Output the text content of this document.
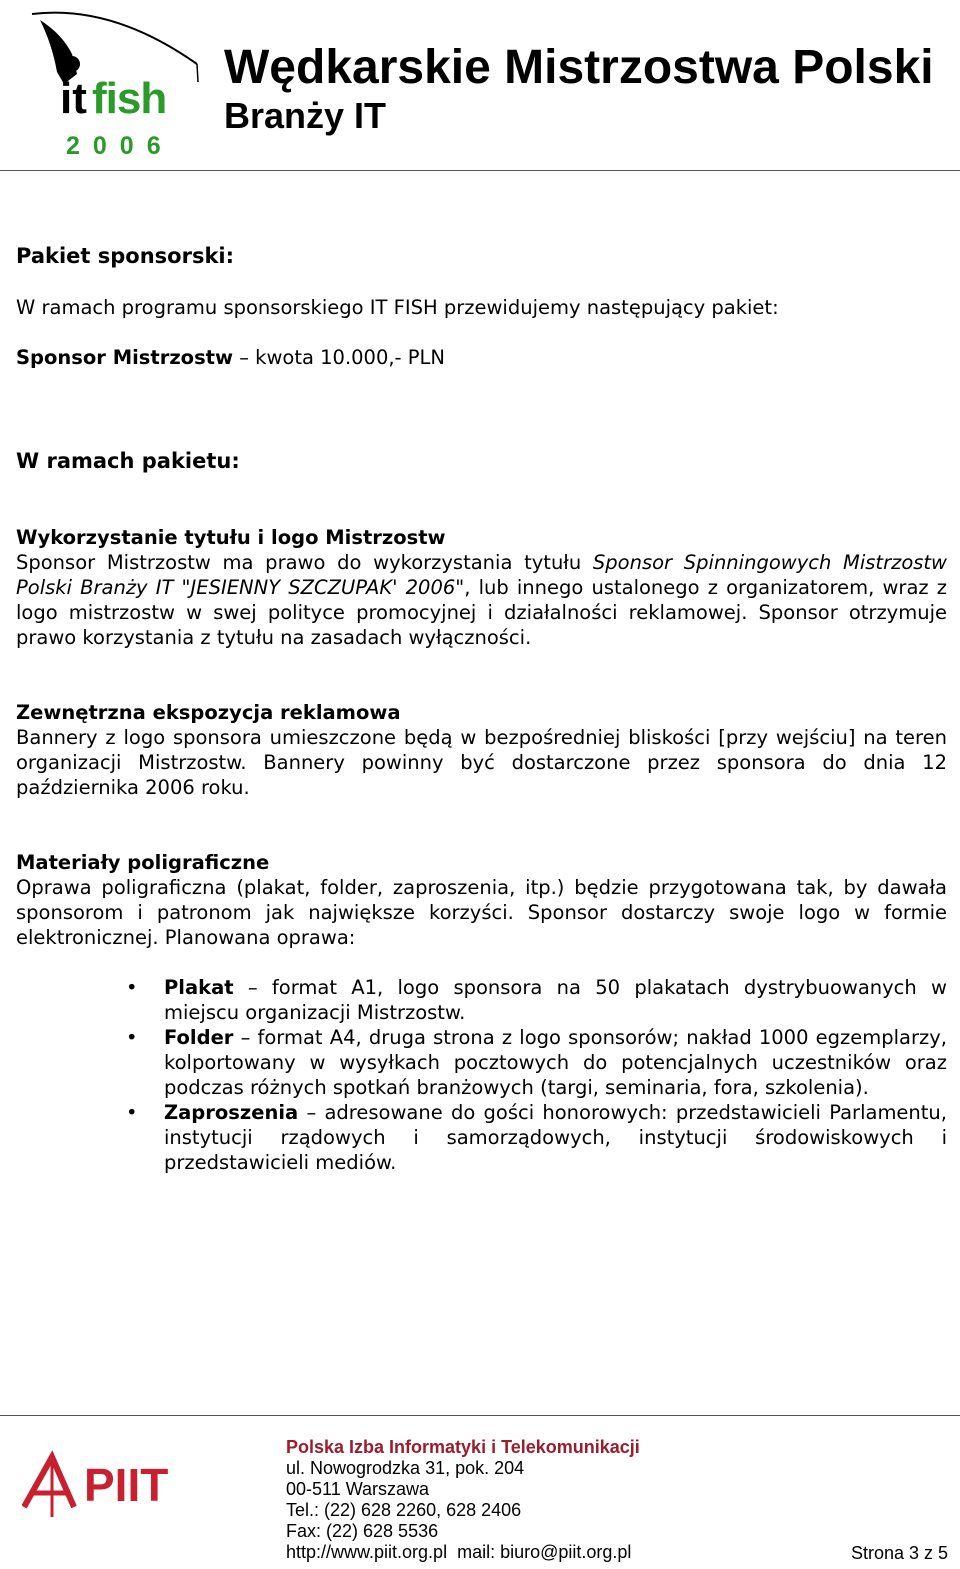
it fish
2006
Wędkarskie Mistrzostwa Polski
Branży IT

Pakiet sponsorski:

W ramach programu sponsorskiego IT FISH przewidujemy następujący pakiet:

Sponsor Mistrzostw – kwota 10.000,- PLN

W ramach pakietu:

Wykorzystanie tytułu i logo Mistrzostw

Sponsor Mistrzostw ma prawo do wykorzystania tytułu Sponsor Spinningowych Mistrzostw Polski Branży IT "JESIENNY SZCZUPAK' 2006", lub innego ustalonego z organizatorem, wraz z logo mistrzostw w swej polityce promocyjnej i działalności reklamowej. Sponsor otrzymuje prawo korzystania z tytułu na zasadach wyłączności.

Zewnętrzna ekspozycja reklamowa

Bannery z logo sponsora umieszczone będą w bezpośredniej bliskości [przy wejściu] na teren organizacji Mistrzostw. Bannery powinny być dostarczone przez sponsora do dnia 12 października 2006 roku.

Materiały poligraficzne

Oprawa poligraficzna (plakat, folder, zaproszenia, itp.) będzie przygotowana tak, by dawała sponsorom i patronom jak największe korzyści. Sponsor dostarczy swoje logo w formie elektronicznej. Planowana oprawa:

• Plakat – format A1, logo sponsora na 50 plakatach dystrybuowanych w miejscu organizacji Mistrzostw.
• Folder – format A4, druga strona z logo sponsorów; nakład 1000 egzemplarzy, kolportowany w wysyłkach pocztowych do potencjalnych uczestników oraz podczas różnych spotkań branżowych (targi, seminaria, fora, szkolenia).
• Zaproszenia – adresowane do gości honorowych: przedstawicieli Parlamentu, instytucji rządowych i samorządowych, instytucji środowiskowych i przedstawicieli mediów.
PIIT
Polska Izba Informatyki i Telekomunikacji
ul. Nowogrodzka 31, pok. 204
00-511 Warszawa
Tel.: (22) 628 2260, 628 2406
Fax: (22) 628 5536
http://www.piit.org.pl  mail: biuro@piit.org.pl	Strona 3 z 5
